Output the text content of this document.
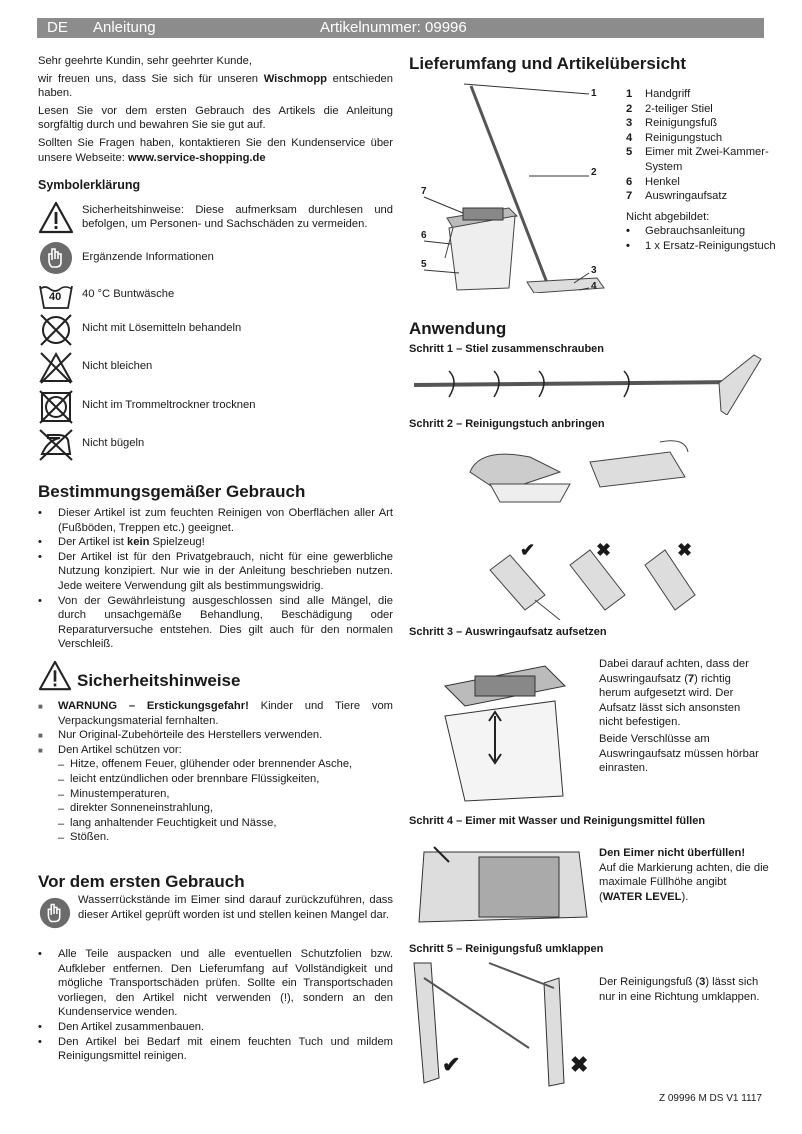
DE Anleitung	Artikelnummer: 09996

Sehr geehrte Kundin, sehr geehrter Kunde,

wir freuen uns, dass Sie sich für unseren Wischmopp entschieden haben.

Lesen Sie vor dem ersten Gebrauch des Artikels die Anleitung sorgfältig durch und bewahren Sie sie gut auf.

Sollten Sie Fragen haben, kontaktieren Sie den Kundenservice über unsere Webseite: www.service-shopping.de

Symbolerklärung
Sicherheitshinweise: Diese aufmerksam durchlesen und befolgen, um Personen- und Sachschäden zu vermeiden.
Ergänzende Informationen
40 40 °C Buntwäsche
Nicht mit Lösemitteln behandeln
Nicht bleichen
Nicht im Trommeltrockner trocknen
Nicht bügeln
Bestimmungsgemäßer Gebrauch
• Dieser Artikel ist zum feuchten Reinigen von Oberflächen aller Art (Fußböden, Treppen etc.) geeignet.
• Der Artikel ist kein Spielzeug!
• Der Artikel ist für den Privatgebrauch, nicht für eine gewerbliche Nutzung konzipiert. Nur wie in der Anleitung beschrieben nutzen. Jede weitere Verwendung gilt als bestimmungswidrig.
• Von der Gewährleistung ausgeschlossen sind alle Mängel, die durch unsachgemäße Behandlung, Beschädigung oder Reparaturversuche entstehen. Dies gilt auch für den normalen Verschleiß.
Sicherheitshinweise
■ WARNUNG – Erstickungsgefahr! Kinder und Tiere vom Verpackungsmaterial fernhalten.
■ Nur Original-Zubehörteile des Herstellers verwenden.
■ Den Artikel schützen vor:
– Hitze, offenem Feuer, glühender oder brennender Asche,
– leicht entzündlichen oder brennbare Flüssigkeiten,
– Minustemperaturen,
– direkter Sonneneinstrahlung,
– lang anhaltender Feuchtigkeit und Nässe,
– Stößen.
Vor dem ersten Gebrauch
Wasserrückstände im Eimer sind darauf zurückzuführen, dass dieser Artikel geprüft worden ist und stellen keinen Mangel dar.
• Alle Teile auspacken und alle eventuellen Schutzfolien bzw. Aufkleber entfernen. Den Lieferumfang auf Vollständigkeit und mögliche Transportschäden prüfen. Sollte ein Transportschaden vorliegen, den Artikel nicht verwenden (!), sondern an den Kundenservice wenden.
• Den Artikel zusammenbauen.
• Den Artikel bei Bedarf mit einem feuchten Tuch und mildem Reinigungsmittel reinigen.
Lieferumfang und Artikelübersicht
1
2
7
6
5
3
4
1 Handgriff
2 2-teiliger Stiel
3 Reinigungsfuß
4 Reinigungstuch
5 Eimer mit Zwei-Kammer-System
6 Henkel
7 Auswringaufsatz
Nicht abgebildet:
• Gebrauchsanleitung
• 1 x Ersatz-Reinigungstuch
Anwendung
Schritt 1 – Stiel zusammenschrauben
Schritt 2 – Reinigungstuch anbringen
✔	✖	✖
Schritt 3 – Auswringaufsatz aufsetzen
Dabei darauf achten, dass der Auswringaufsatz (7) richtig herum aufgesetzt wird. Der Aufsatz lässt sich ansonsten nicht befestigen.
Beide Verschlüsse am Auswringaufsatz müssen hörbar einrasten.
Schritt 4 – Eimer mit Wasser und Reinigungsmittel füllen
Den Eimer nicht überfüllen!
Auf die Markierung achten, die die maximale Füllhöhe angibt (WATER LEVEL).
Schritt 5 – Reinigungsfuß umklappen
✔	✖
Der Reinigungsfuß (3) lässt sich nur in eine Richtung umklappen.
Z 09996 M DS V1 1117
